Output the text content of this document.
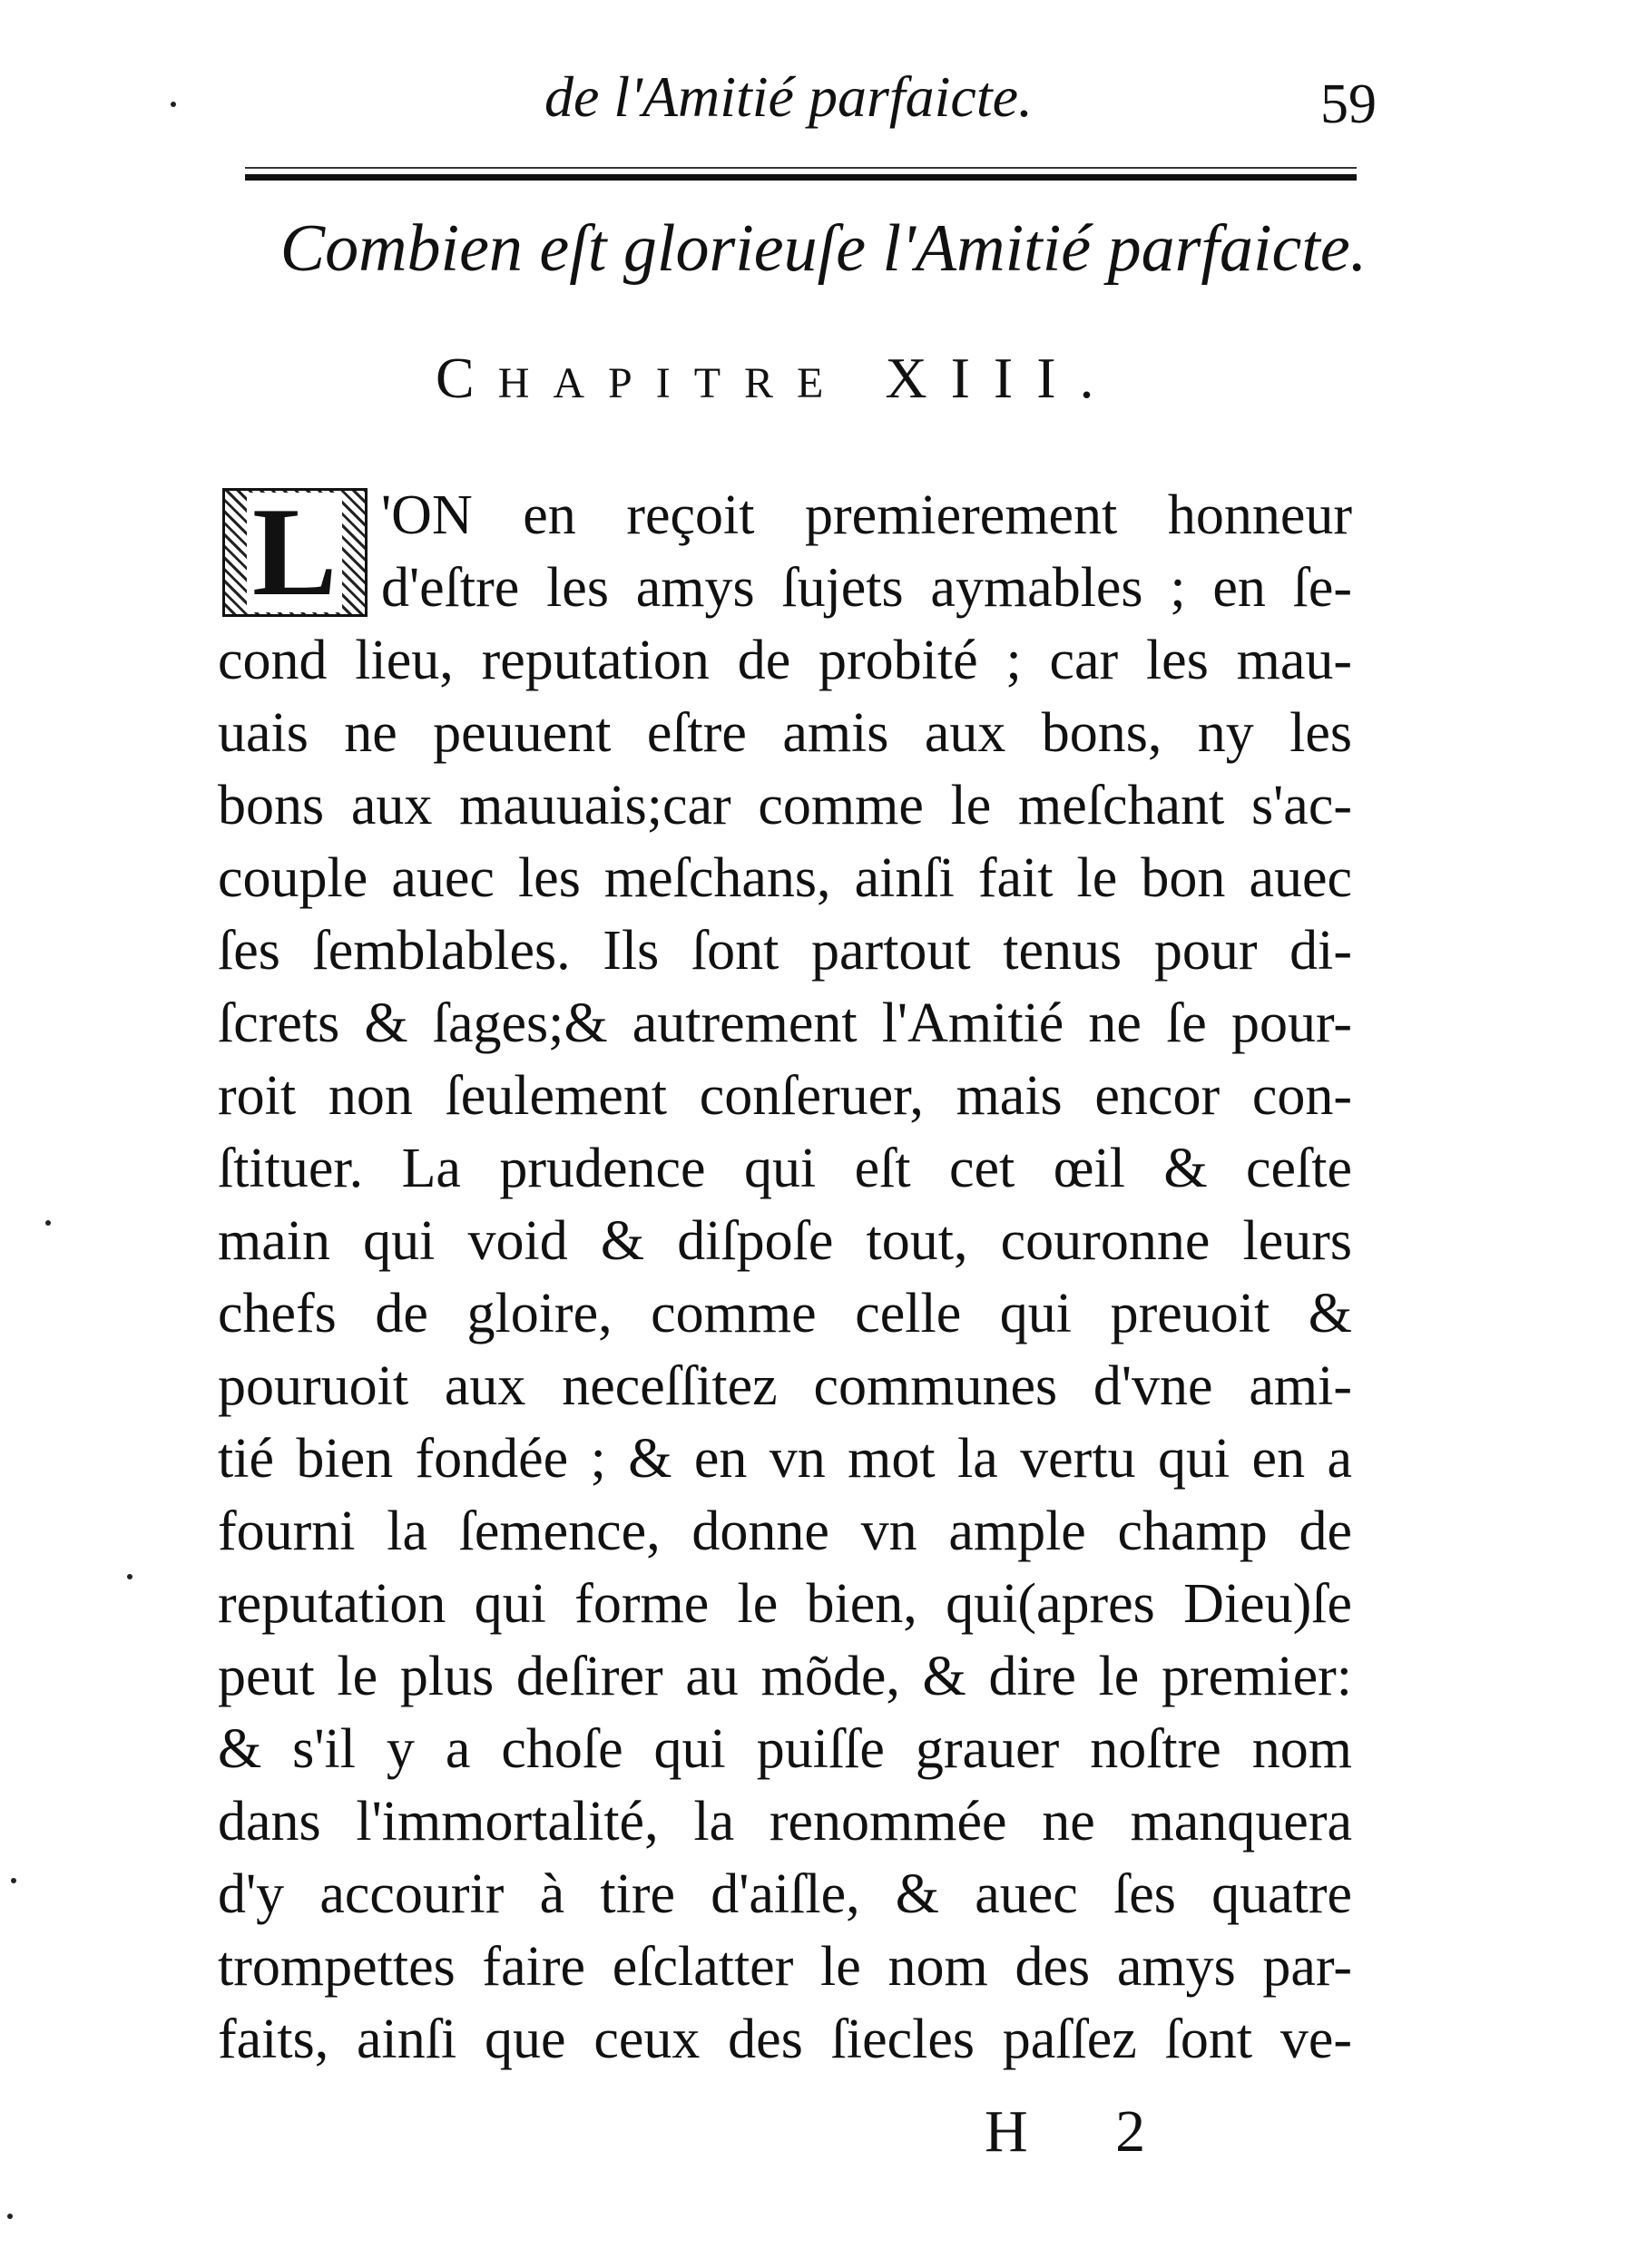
de l'Amitié parfaicte.	59
Combien eſt glorieuſe l'Amitié parfaicte.
CHAPITRE XIII.
L 'ON en reçoit premierement honneur
d'eſtre les amys ſujets aymables ; en ſe-
cond lieu, reputation de probité ; car les mau-
uais ne peuuent eſtre amis aux bons, ny les
bons aux mauuais;car comme le meſchant s'ac-
couple auec les meſchans, ainſi fait le bon auec
ſes ſemblables. Ils ſont partout tenus pour di-
ſcrets & ſages;& autrement l'Amitié ne ſe pour-
roit non ſeulement conſeruer, mais encor con-
ſtituer. La prudence qui eſt cet œil & ceſte
main qui void & diſpoſe tout, couronne leurs
chefs de gloire, comme celle qui preuoit &
pouruoit aux neceſſitez communes d'vne ami-
tié bien fondée ; & en vn mot la vertu qui en a
fourni la ſemence, donne vn ample champ de
reputation qui forme le bien, qui(apres Dieu)ſe
peut le plus deſirer au mõde, & dire le premier:
& s'il y a choſe qui puiſſe grauer noſtre nom
dans l'immortalité, la renommée ne manquera
d'y accourir à tire d'aiſle, & auec ſes quatre
trompettes faire eſclatter le nom des amys par-
faits, ainſi que ceux des ſiecles paſſez ſont ve-
H 2
